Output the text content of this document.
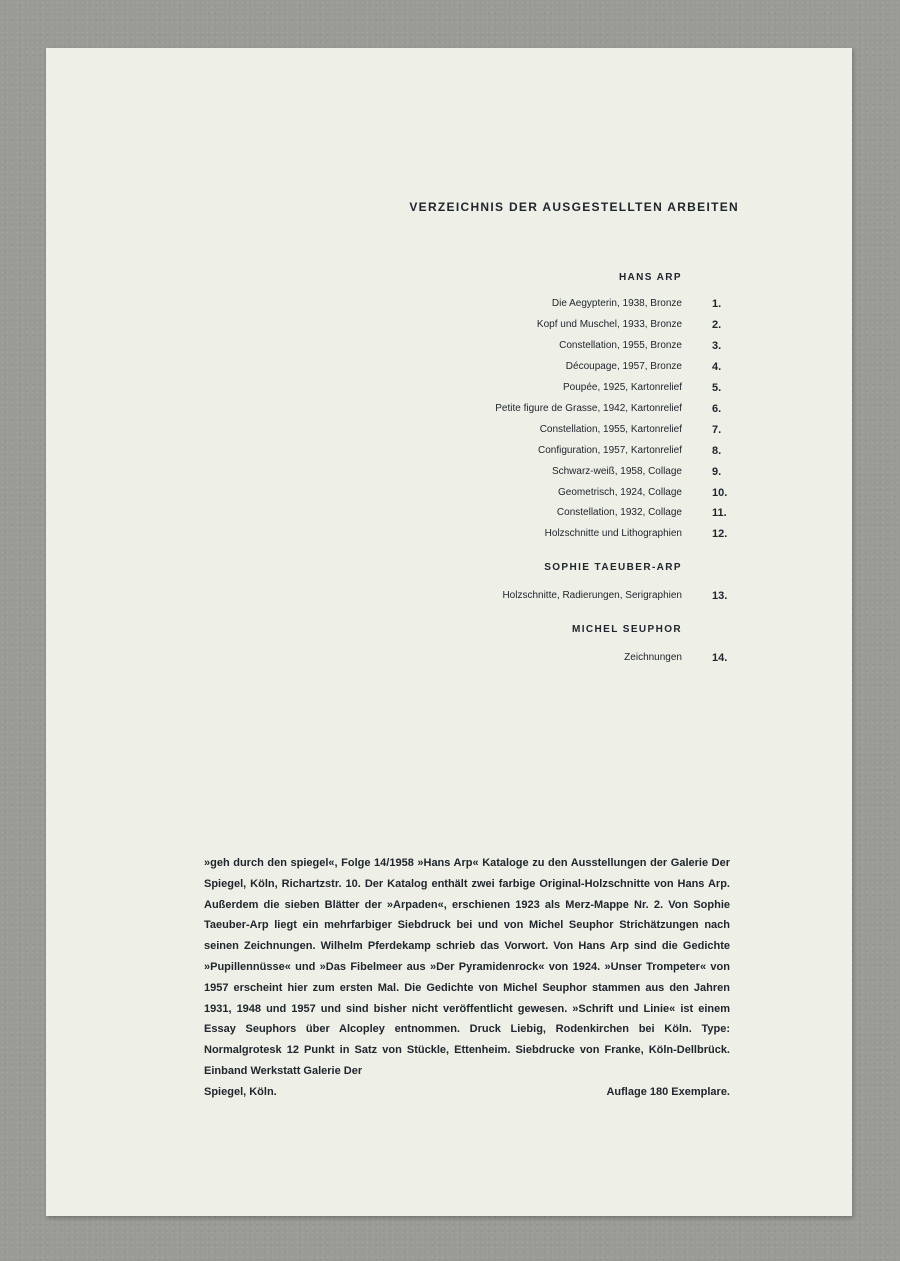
VERZEICHNIS DER AUSGESTELLTEN ARBEITEN
HANS ARP
Die Aegypterin, 1938, Bronze	1.
Kopf und Muschel, 1933, Bronze	2.
Constellation, 1955, Bronze	3.
Découpage, 1957, Bronze	4.
Poupée, 1925, Kartonrelief	5.
Petite figure de Grasse, 1942, Kartonrelief	6.
Constellation, 1955, Kartonrelief	7.
Configuration, 1957, Kartonrelief	8.
Schwarz-weiß, 1958, Collage	9.
Geometrisch, 1924, Collage	10.
Constellation, 1932, Collage	11.
Holzschnitte und Lithographien	12.
SOPHIE TAEUBER-ARP
Holzschnitte, Radierungen, Serigraphien	13.
MICHEL SEUPHOR
Zeichnungen	14.
»geh durch den spiegel«, Folge 14/1958 »Hans Arp« Kataloge zu den Ausstellungen der Galerie Der Spiegel, Köln, Richartzstr. 10. Der Katalog enthält zwei farbige Original-Holzschnitte von Hans Arp. Außerdem die sieben Blätter der »Arpaden«, erschienen 1923 als Merz-Mappe Nr. 2. Von Sophie Taeuber-Arp liegt ein mehrfarbiger Siebdruck bei und von Michel Seuphor Strichätzungen nach seinen Zeichnungen. Wilhelm Pferdekamp schrieb das Vorwort. Von Hans Arp sind die Gedichte »Pupillennüsse« und »Das Fibelmeer aus »Der Pyramidenrock« von 1924. »Unser Trompeter« von 1957 erscheint hier zum ersten Mal. Die Gedichte von Michel Seuphor stammen aus den Jahren 1931, 1948 und 1957 und sind bisher nicht veröffentlicht gewesen. »Schrift und Linie« ist einem Essay Seuphors über Alcopley entnommen. Druck Liebig, Rodenkirchen bei Köln. Type: Normalgrotesk 12 Punkt in Satz von Stückle, Ettenheim. Siebdrucke von Franke, Köln-Dellbrück. Einband Werkstatt Galerie Der
Spiegel, Köln.	Auflage 180 Exemplare.
